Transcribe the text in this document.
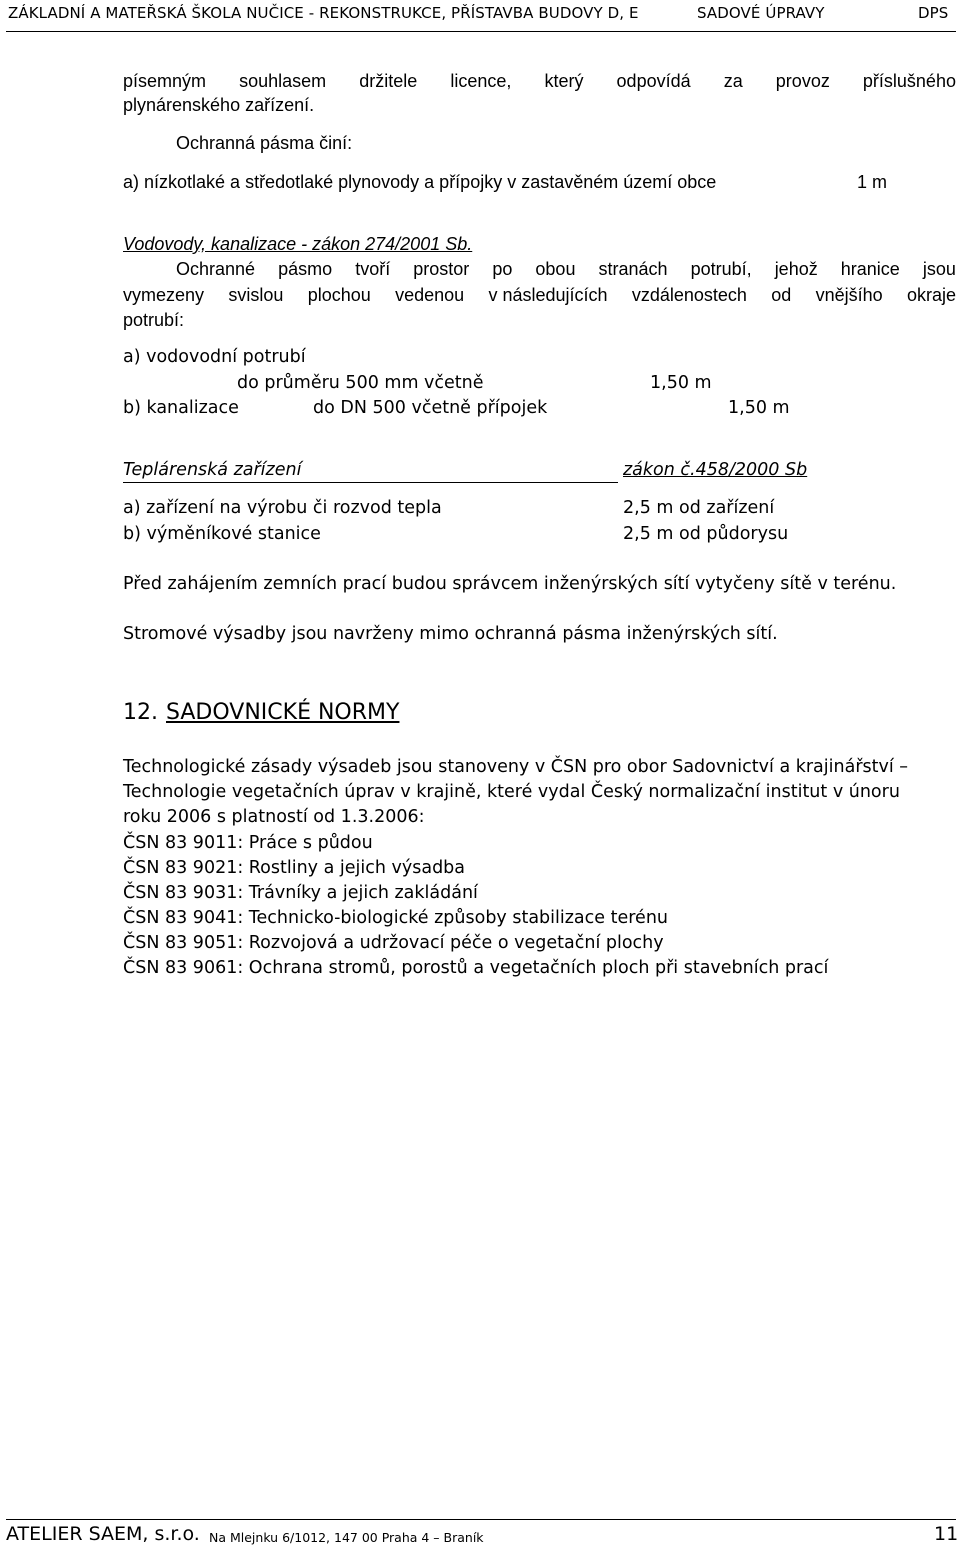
ZÁKLADNÍ A MATEŘSKÁ ŠKOLA NUČICE - REKONSTRUKCE, PŘÍSTAVBA BUDOVY D, E	SADOVÉ ÚPRAVY	DPS
písemným souhlasem držitele licence, který odpovídá za provoz příslušného
plynárenského zařízení.
Ochranná pásma činí:
a) nízkotlaké a středotlaké plynovody a přípojky v zastavěném území obce	1 m
Vodovody, kanalizace - zákon 274/2001 Sb.
Ochranné pásmo tvoří prostor po obou stranách potrubí, jehož hranice jsou
vymezeny svislou plochou vedenou v následujících vzdálenostech od vnějšího okraje
potrubí:
a) vodovodní potrubí
do průměru 500 mm včetně	1,50 m
b) kanalizace	do DN 500 včetně přípojek	1,50 m
Teplárenská zařízení	zákon č.458/2000 Sb
a) zařízení na výrobu či rozvod tepla	2,5 m od zařízení
b) výměníkové stanice	2,5 m od půdorysu
Před zahájením zemních prací budou správcem inženýrských sítí vytyčeny sítě v terénu.
Stromové výsadby jsou navrženy mimo ochranná pásma inženýrských sítí.
12. SADOVNICKÉ NORMY
Technologické zásady výsadeb jsou stanoveny v ČSN pro obor Sadovnictví a krajinářství –
Technologie vegetačních úprav v krajině, které vydal Český normalizační institut v únoru
roku 2006 s platností od 1.3.2006:
ČSN 83 9011: Práce s půdou
ČSN 83 9021: Rostliny a jejich výsadba
ČSN 83 9031: Trávníky a jejich zakládání
ČSN 83 9041: Technicko-biologické způsoby stabilizace terénu
ČSN 83 9051: Rozvojová a udržovací péče o vegetační plochy
ČSN 83 9061: Ochrana stromů, porostů a vegetačních ploch při stavebních prací
ATELIER SAEM, s.r.o. Na Mlejnku 6/1012, 147 00 Praha 4 – Braník	11
